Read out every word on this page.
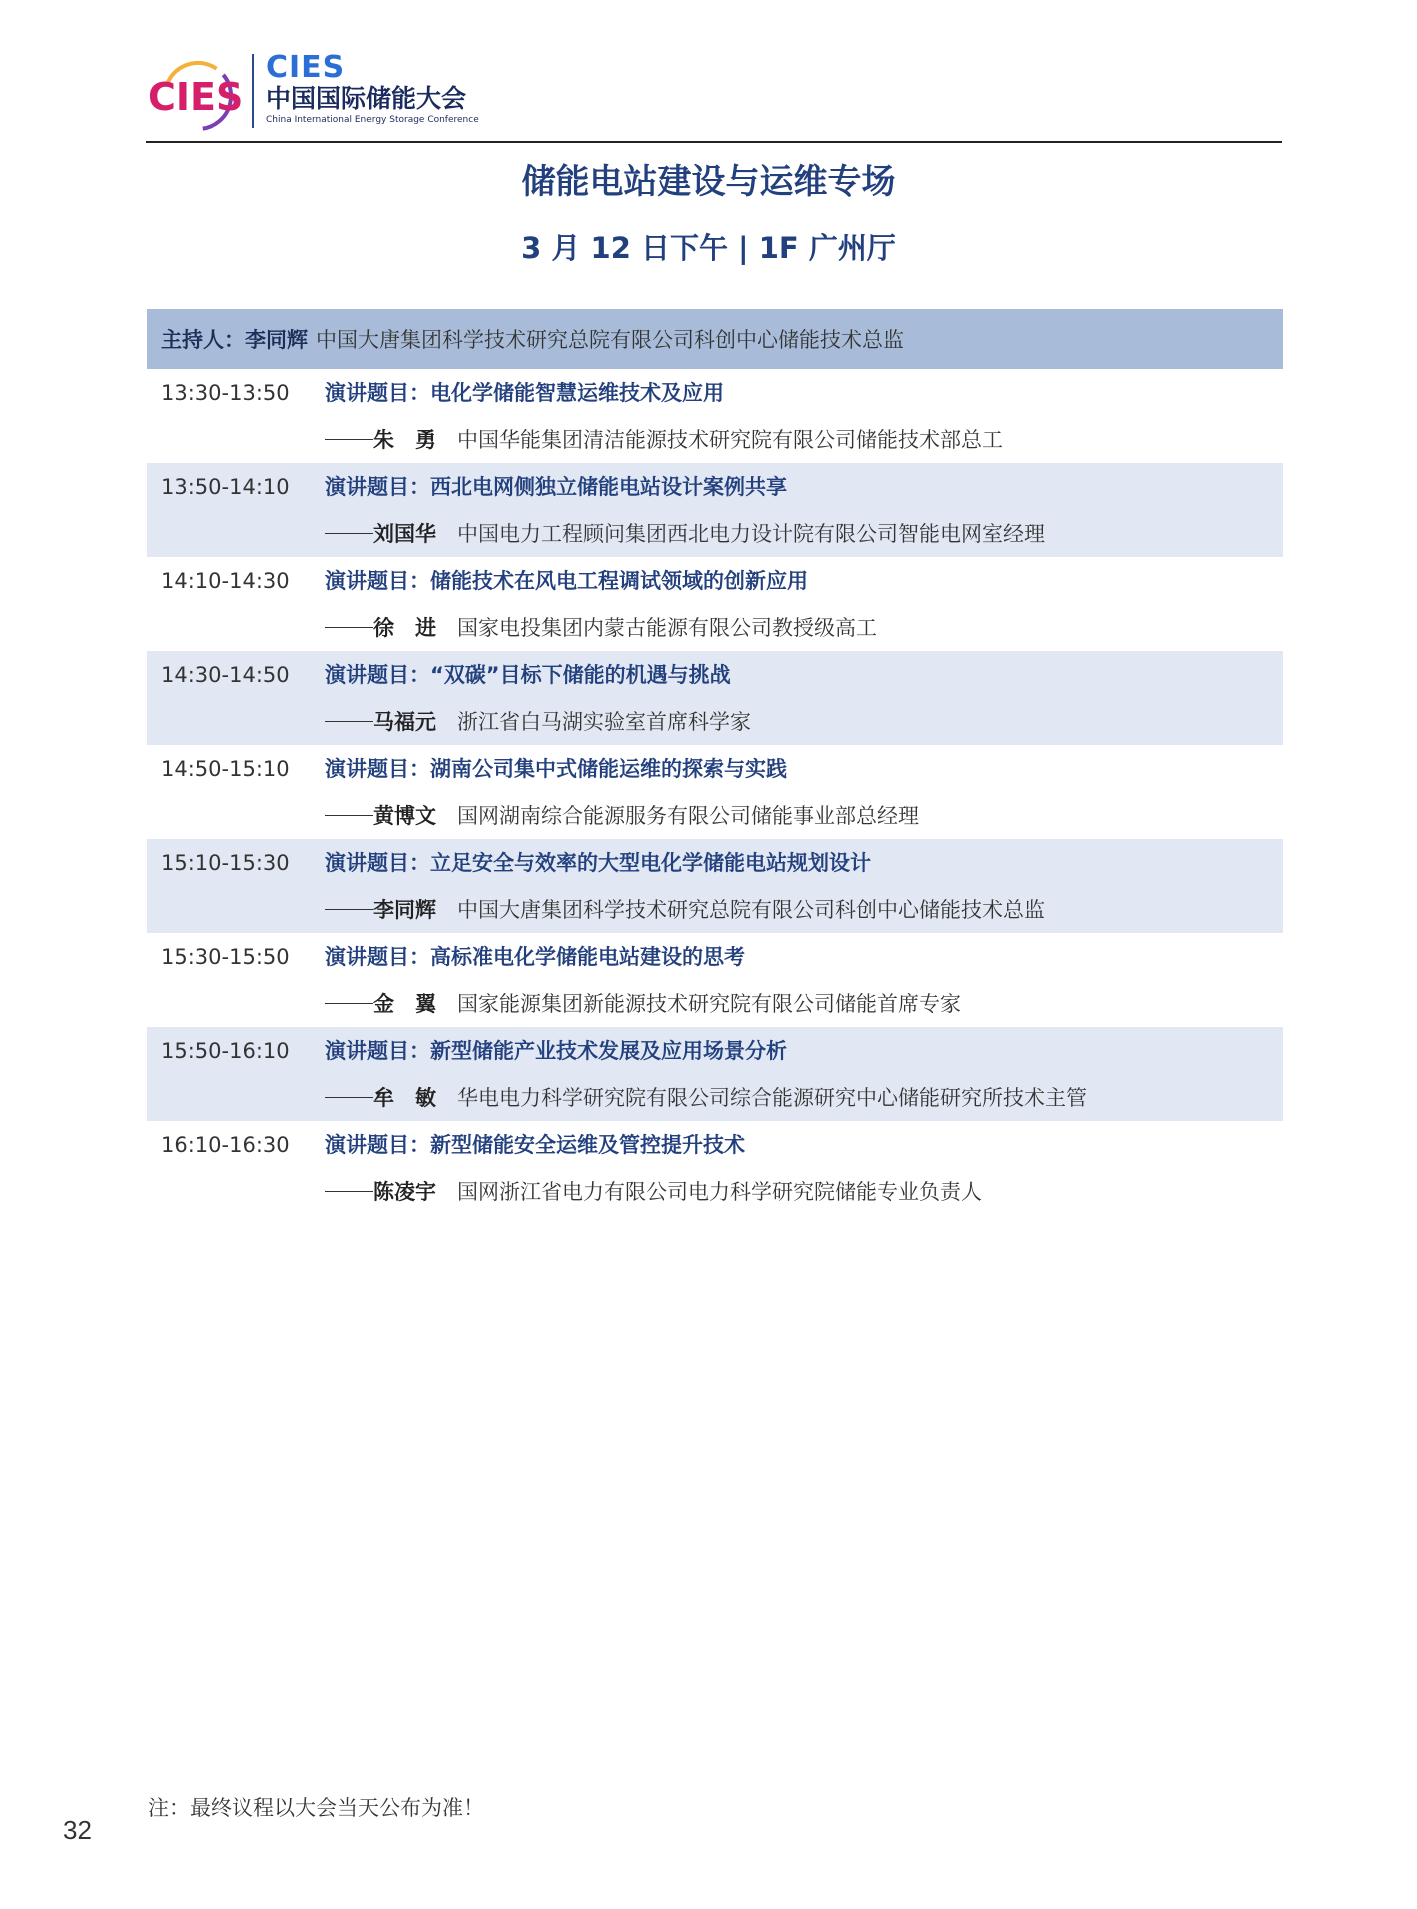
CIES
CIES
中国国际储能大会
China International Energy Storage Conference
储能电站建设与运维专场
3 月 12 日下午 | 1F 广州厅
主持人： 李同辉 中国大唐集团科学技术研究总院有限公司科创中心储能技术总监
13:30-13:50 演讲题目：电化学储能智慧运维技术及应用
朱　勇 中国华能集团清洁能源技术研究院有限公司储能技术部总工
13:50-14:10 演讲题目：西北电网侧独立储能电站设计案例共享
刘国华 中国电力工程顾问集团西北电力设计院有限公司智能电网室经理
14:10-14:30 演讲题目：储能技术在风电工程调试领域的创新应用
徐　进 国家电投集团内蒙古能源有限公司教授级高工
14:30-14:50 演讲题目：“双碳”目标下储能的机遇与挑战
马福元 浙江省白马湖实验室首席科学家
14:50-15:10 演讲题目：湖南公司集中式储能运维的探索与实践
黄博文 国网湖南综合能源服务有限公司储能事业部总经理
15:10-15:30 演讲题目：立足安全与效率的大型电化学储能电站规划设计
李同辉 中国大唐集团科学技术研究总院有限公司科创中心储能技术总监
15:30-15:50 演讲题目：高标准电化学储能电站建设的思考
金　翼 国家能源集团新能源技术研究院有限公司储能首席专家
15:50-16:10 演讲题目：新型储能产业技术发展及应用场景分析
牟　敏 华电电力科学研究院有限公司综合能源研究中心储能研究所技术主管
16:10-16:30 演讲题目：新型储能安全运维及管控提升技术
陈凌宇 国网浙江省电力有限公司电力科学研究院储能专业负责人
注：最终议程以大会当天公布为准！
32
